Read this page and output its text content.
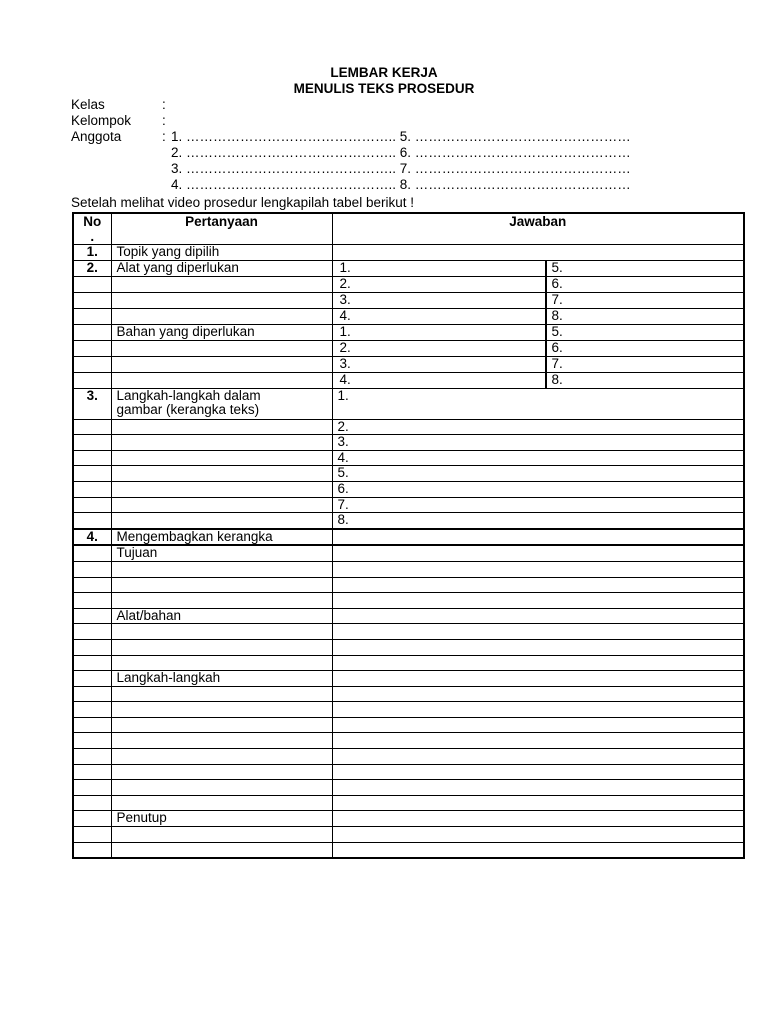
LEMBAR KERJA
MENULIS TEKS PROSEDUR
Kelas	:
Kelompok :
Anggota	: 1. ……………………………………….. 5. …………………………………………
2. ……………………………………….. 6. …………………………………………
3. ……………………………………….. 7. …………………………………………
4. ……………………………………….. 8. …………………………………………
Setelah melihat video prosedur lengkapilah tabel berikut !
No
.	Pertanyaan	Jawaban
1.	Topik yang dipilih	
2.	Alat yang diperlukan	1. 5.

		2. 6.

		3. 7.

		4. 8.

	Bahan yang diperlukan	1. 5.

		2. 6.

		3. 7.

		4. 8.

3.	Langkah-langkah dalam
gambar (kerangka teks)	1.
		2.
		3.
		4.
		5.
		6.
		7.
		8.
4.	Mengembagkan kerangka	
	Tujuan	

	Alat/bahan	

	Langkah-langkah	

	Penutup	
